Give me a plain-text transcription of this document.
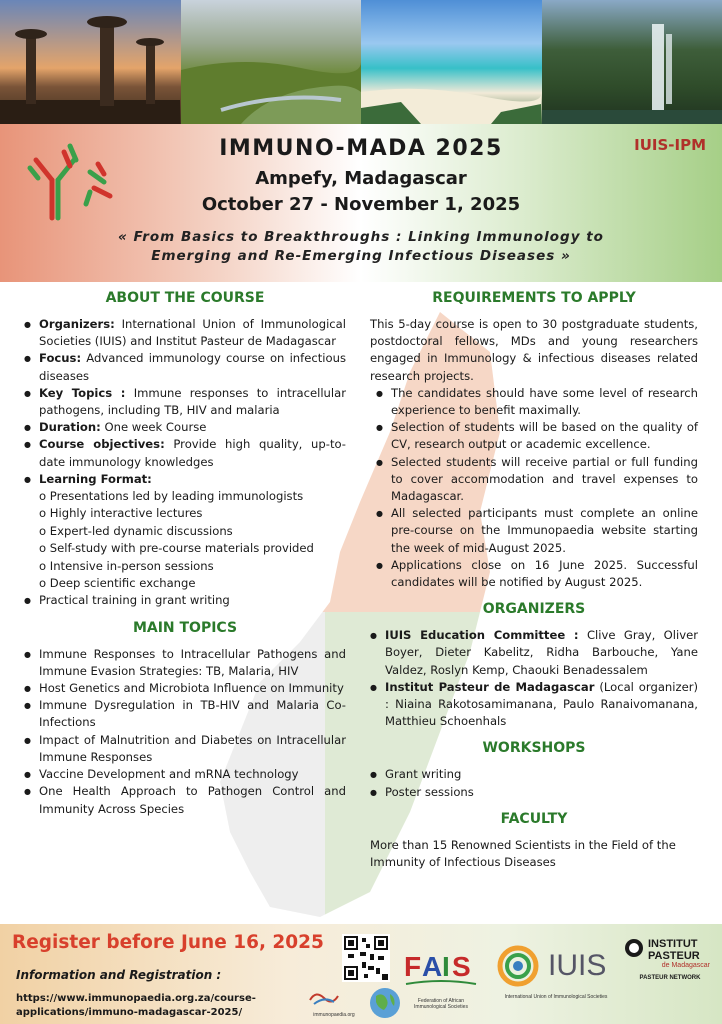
IMMUNO-MADA 2025	IUIS-IPM
Ampefy, Madagascar
October 27 - November 1, 2025
« From Basics to Breakthroughs : Linking Immunology to
Emerging and Re-Emerging Infectious Diseases »
ABOUT THE COURSE
● Organizers: International Union of Immunological Societies (IUIS) and Institut Pasteur de Madagascar
● Focus: Advanced immunology course on infectious diseases
● Key Topics : Immune responses to intracellular pathogens, including TB, HIV and malaria
● Duration: One week Course
● Course objectives: Provide high quality, up-to-date immunology knowledges
● Learning Format:
o Presentations led by leading immunologists
o Highly interactive lectures
o Expert-led dynamic discussions
o Self-study with pre-course materials provided
o Intensive in-person sessions
o Deep scientific exchange
● Practical training in grant writing
MAIN TOPICS
● Immune Responses to Intracellular Pathogens and Immune Evasion Strategies: TB, Malaria, HIV
● Host Genetics and Microbiota Influence on Immunity
● Immune Dysregulation in TB-HIV and Malaria Co-Infections
● Impact of Malnutrition and Diabetes on Intracellular Immune Responses
● Vaccine Development and mRNA technology
● One Health Approach to Pathogen Control and Immunity Across Species
REQUIREMENTS TO APPLY
This 5-day course is open to 30 postgraduate students, postdoctoral fellows, MDs and young researchers engaged in Immunology & infectious diseases related research projects.
● The candidates should have some level of research experience to benefit maximally.
● Selection of students will be based on the quality of CV, research output or academic excellence.
● Selected students will receive partial or full funding to cover accommodation and travel expenses to Madagascar.
● All selected participants must complete an online pre-course on the Immunopaedia website starting the week of mid-August 2025.
● Applications close on 16 June 2025. Successful candidates will be notified by August 2025.
ORGANIZERS
● IUIS Education Committee : Clive Gray, Oliver Boyer, Dieter Kabelitz, Ridha Barbouche, Yane Valdez, Roslyn Kemp, Chaouki Benadessalem
● Institut Pasteur de Madagascar (Local organizer) : Niaina Rakotosamimanana, Paulo Ranaivomanana, Matthieu Schoenhals
WORKSHOPS
● Grant writing
● Poster sessions
FACULTY
More than 15 Renowned Scientists in the Field of the Immunity of Infectious Diseases
Register before June 16, 2025
Information and Registration :
https://www.immunopaedia.org.za/course-applications/immuno-madagascar-2025/	immunopaedia.org
F A I S
Federation of African Immunological Societies
IUIS
International Union of Immunological Societies
INSTITUT
PASTEUR
de Madagascar
PASTEUR NETWORK
